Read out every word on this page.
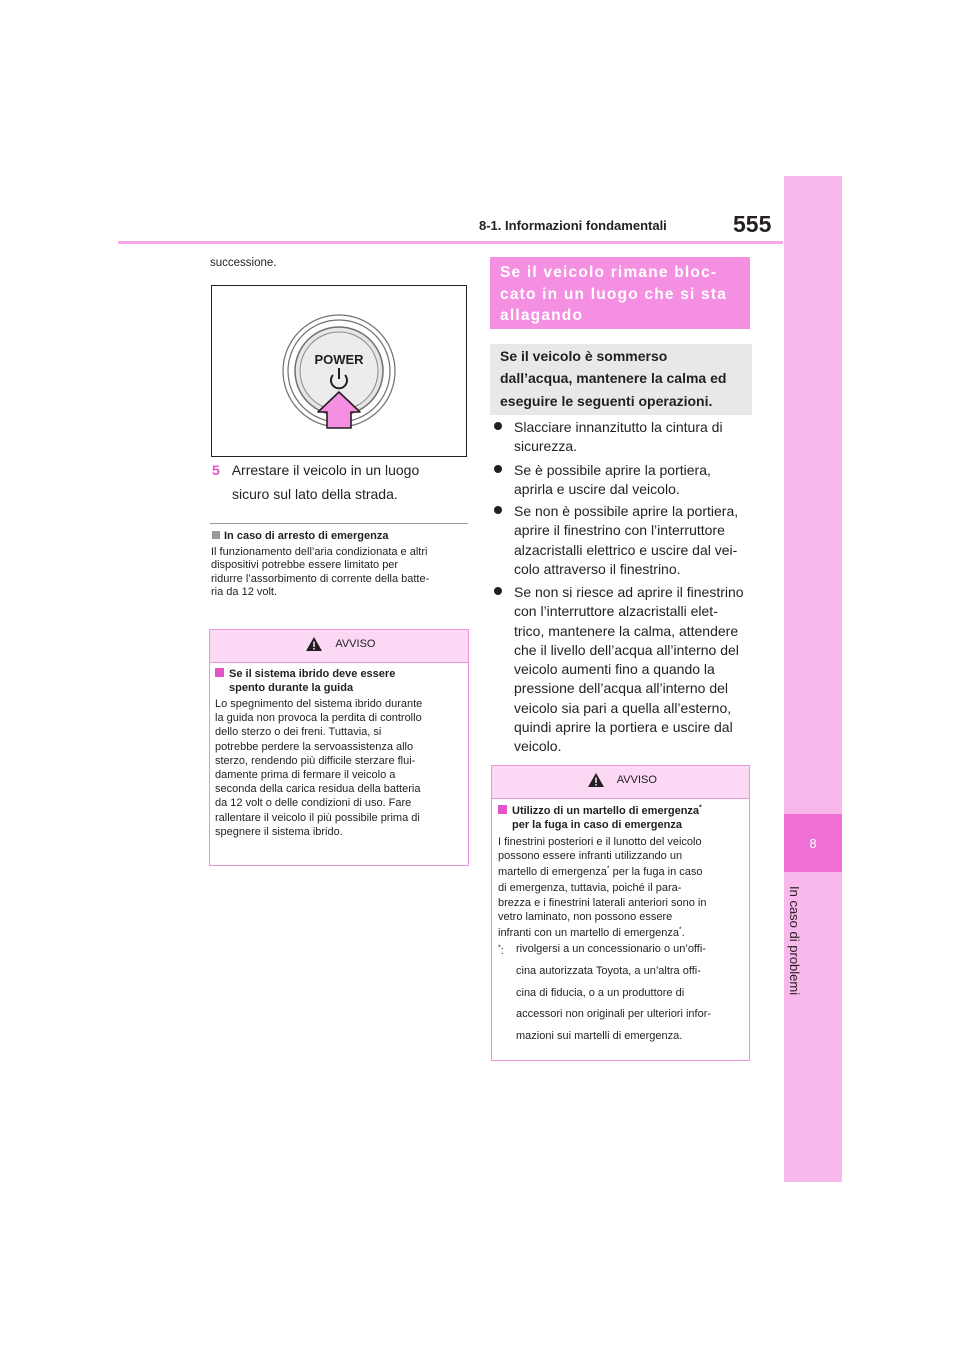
8
In caso di problemi
8-1. Informazioni fondamentali	555
successione.
POWER
5 Arrestare il veicolo in un luogo
sicuro sul lato della strada.
In caso di arresto di emergenza
Il funzionamento dell’aria condizionata e altri
dispositivi potrebbe essere limitato per
ridurre l’assorbimento di corrente della batte-
ria da 12 volt.
AVVISO
Se il sistema ibrido deve essere
spento durante la guida
Lo spegnimento del sistema ibrido durante
la guida non provoca la perdita di controllo
dello sterzo o dei freni. Tuttavia, si
potrebbe perdere la servoassistenza allo
sterzo, rendendo più difficile sterzare flui-
damente prima di fermare il veicolo a
seconda della carica residua della batteria
da 12 volt o delle condizioni di uso. Fare
rallentare il veicolo il più possibile prima di
spegnere il sistema ibrido.
Se il veicolo rimane bloc-
cato in un luogo che si sta
allagando
Se il veicolo è sommerso
dall’acqua, mantenere la calma ed
eseguire le seguenti operazioni.
Slacciare innanzitutto la cintura di
sicurezza.
Se è possibile aprire la portiera,
aprirla e uscire dal veicolo.
Se non è possibile aprire la portiera,
aprire il finestrino con l’interruttore
alzacristalli elettrico e uscire dal vei-
colo attraverso il finestrino.
Se non si riesce ad aprire il finestrino
con l’interruttore alzacristalli elet-
trico, mantenere la calma, attendere
che il livello dell’acqua all’interno del
veicolo aumenti fino a quando la
pressione dell’acqua all’interno del
veicolo sia pari a quella all’esterno,
quindi aprire la portiera e uscire dal
veicolo.
AVVISO
Utilizzo di un martello di emergenza*
per la fuga in caso di emergenza
I finestrini posteriori e il lunotto del veicolo
possono essere infranti utilizzando un
martello di emergenza* per la fuga in caso
di emergenza, tuttavia, poiché il para-
brezza e i finestrini laterali anteriori sono in
vetro laminato, non possono essere
infranti con un martello di emergenza*.
*:	rivolgersi a un concessionario o un’offi-
cina autorizzata Toyota, a un’altra offi-
cina di fiducia, o a un produttore di
accessori non originali per ulteriori infor-
mazioni sui martelli di emergenza.
